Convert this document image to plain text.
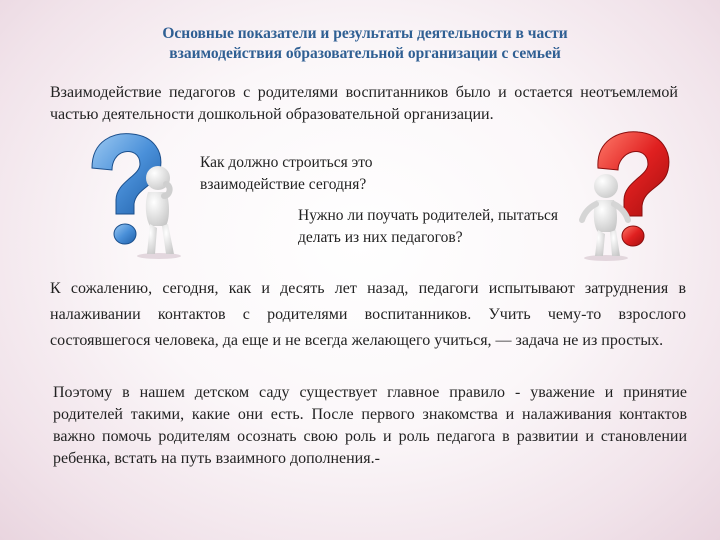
Основные показатели и результаты деятельности в части
взаимодействия образовательной организации с семьей
Взаимодействие педагогов с родителями воспитанников было и остается неотъемлемой частью деятельности дошкольной образовательной организации.
Как должно строиться это взаимодействие сегодня?
Нужно ли поучать родителей, пытаться делать из них педагогов?

К сожалению, сегодня, как и десять лет назад, педагоги испытывают затруднения в налаживании контактов с родителями воспитанников. Учить чему-то взрослого состоявшегося человека, да еще и не всегда желающего учиться, — задача не из простых.

Поэтому в нашем детском саду существует главное правило - уважение и принятие родителей такими, какие они есть. После первого знакомства и налаживания контактов важно помочь родителям осознать свою роль и роль педагога в развитии и становлении ребенка, встать на путь взаимного дополнения.-
